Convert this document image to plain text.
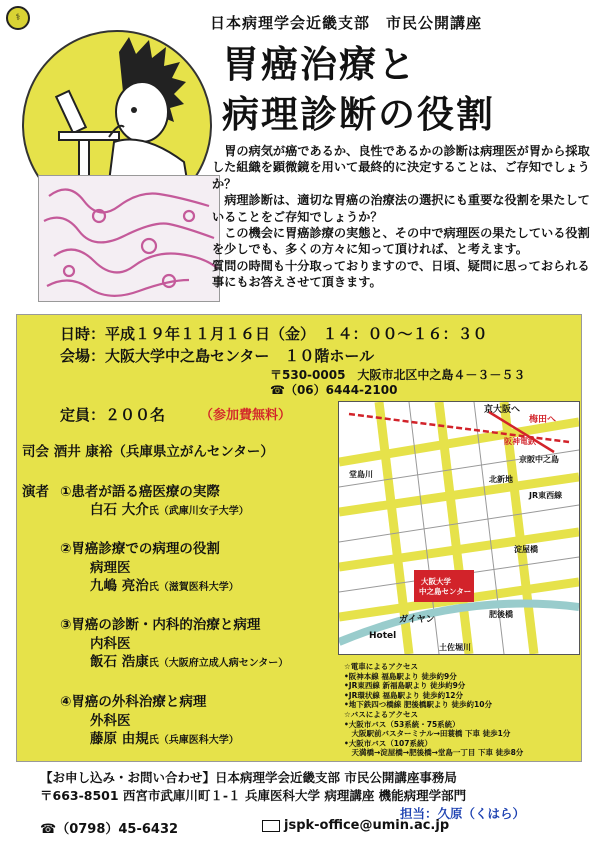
⚕	日本病理学会近畿支部　市民公開講座
胃癌治療と
病理診断の役割

胃の病気が癌であるか、良性であるかの診断は病理医が胃から採取した組織を顕微鏡を用いて最終的に決定することは、ご存知でしょうか？

病理診断は、適切な胃癌の治療法の選択にも重要な役割を果たしていることをご存知でしょうか？

この機会に胃癌診療の実態と、その中で病理医の果たしている役割を少しでも、多くの方々に知って頂ければ、と考えます。

質問の時間も十分取っておりますので、日頃、疑問に思っておられる事にもお答えさせて頂きます。

日時：平成１９年１１月１６日（金）　１４：００～１６：３０
会場：大阪大学中之島センター　１０階ホール
〒530-0005　大阪市北区中之島４－３－５３
☎（06）6444-2100
定員：２００名	（参加費無料）
司会 酒井 康裕（兵庫県立がんセンター）
演者 ①患者が語る癌医療の実際
白石 大介氏（武庫川女子大学）
②胃癌診療での病理の役割
病理医
九嶋 亮治氏（滋賀医科大学）
③胃癌の診断・内科的治療と病理
内科医
飯石 浩康氏（大阪府立成人病センター）
④胃癌の外科治療と病理
外科医
藤原 由規氏（兵庫医科大学）
京大阪へ
梅田へ
阪神電鉄
京阪中之島
北新地
JR東西線
淀屋橋
大阪大学 中之島センター
ガイヤン
Hotel
肥後橋
堂島川
土佐堀川
☆電車によるアクセス
•阪神本線 福島駅より 徒歩約9分
•JR東西線 新福島駅より 徒歩約9分
•JR環状線 福島駅より 徒歩約12分
•地下鉄四つ橋線 肥後橋駅より 徒歩約10分
☆バスによるアクセス
•大阪市バス（53系統・75系統）
　大阪駅前バスターミナル→田蓑橋 下車 徒歩1分
•大阪市バス（107系統）
　天満橋→淀屋橋→肥後橋→堂島一丁目 下車 徒歩8分
【お申し込み・お問い合わせ】日本病理学会近畿支部 市民公開講座事務局
〒663-8501 西宮市武庫川町１-１ 兵庫医科大学 病理講座 機能病理学部門
担当：久原（くはら）
☎（0798）45-6432	jspk-office@umin.ac.jp
